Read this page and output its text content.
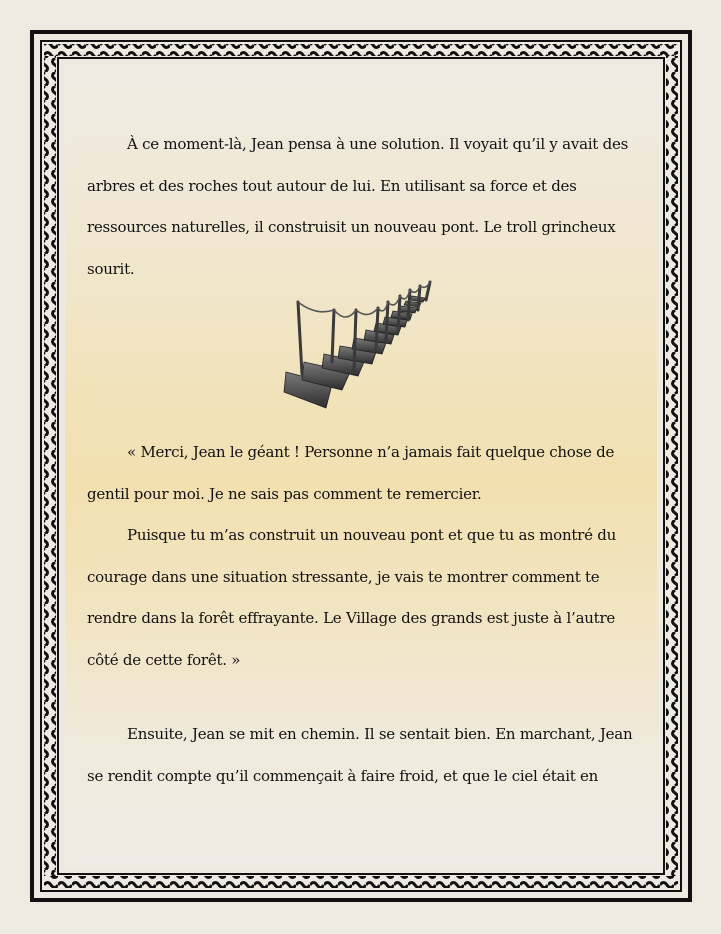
À ce moment-là, Jean pensa à une solution. Il voyait qu’il y avait des
arbres et des roches tout autour de lui. En utilisant sa force et des
ressources naturelles, il construisit un nouveau pont. Le troll grincheux
sourit.

« Merci, Jean le géant ! Personne n’a jamais fait quelque chose de
gentil pour moi. Je ne sais pas comment te remercier.

Puisque tu m’as construit un nouveau pont et que tu as montré du
courage dans une situation stressante, je vais te montrer comment te
rendre dans la forêt effrayante. Le Village des grands est juste à l’autre
côté de cette forêt. »

Ensuite, Jean se mit en chemin. Il se sentait bien. En marchant, Jean
se rendit compte qu’il commençait à faire froid, et que le ciel était en
